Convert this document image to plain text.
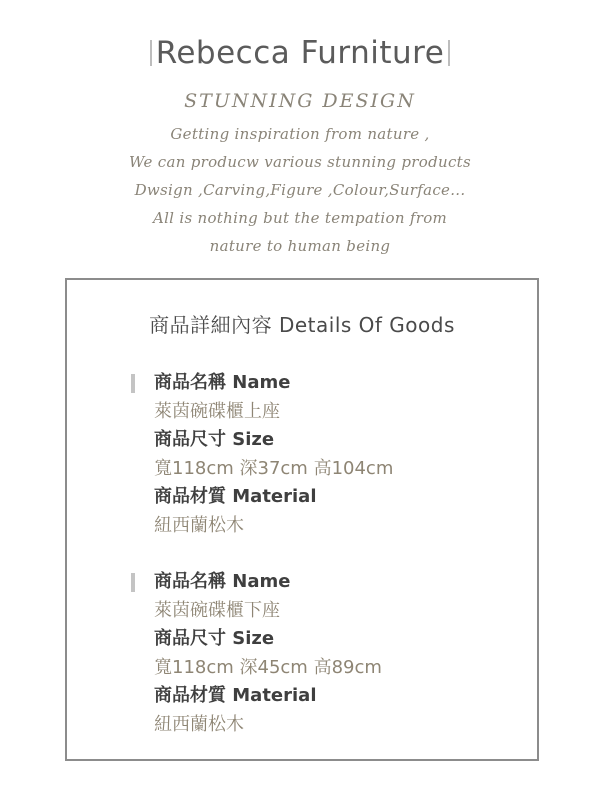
Rebecca Furniture
STUNNING DESIGN
Getting inspiration from nature ,
We can producw various stunning products
Dwsign ,Carving,Figure ,Colour,Surface...
All is nothing but the tempation from
nature to human being
商品詳細內容 Details Of Goods
商品名稱 Name
萊茵碗碟櫃上座
商品尺寸 Size
寬118cm 深37cm 高104cm
商品材質 Material
紐西蘭松木
商品名稱 Name
萊茵碗碟櫃下座
商品尺寸 Size
寬118cm 深45cm 高89cm
商品材質 Material
紐西蘭松木
